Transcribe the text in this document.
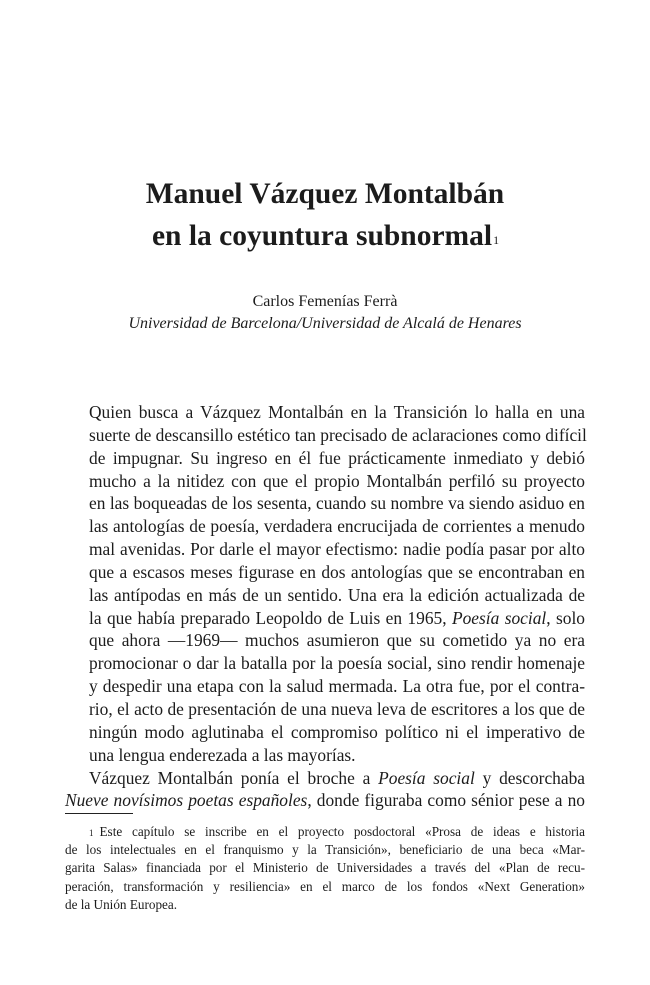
Manuel Vázquez Montalbán
en la coyuntura subnormal$^1$
Carlos Femenías Ferrà
Universidad de Barcelona/Universidad de Alcalá de Henares

Quien busca a Vázquez Montalbán en la Transición lo halla en una
suerte de descansillo estético tan precisado de aclaraciones como difícil
de impugnar. Su ingreso en él fue prácticamente inmediato y debió
mucho a la nitidez con que el propio Montalbán perfiló su proyecto
en las boqueadas de los sesenta, cuando su nombre va siendo asiduo en
las antologías de poesía, verdadera encrucijada de corrientes a menudo
mal avenidas. Por darle el mayor efectismo: nadie podía pasar por alto
que a escasos meses figurase en dos antologías que se encontraban en
las antípodas en más de un sentido. Una era la edición actualizada de
la que había preparado Leopoldo de Luis en 1965, Poesía social, solo
que ahora —1969— muchos asumieron que su cometido ya no era
promocionar o dar la batalla por la poesía social, sino rendir homenaje
y despedir una etapa con la salud mermada. La otra fue, por el contra-
rio, el acto de presentación de una nueva leva de escritores a los que de
ningún modo aglutinaba el compromiso político ni el imperativo de
una lengua enderezada a las mayorías.

Vázquez Montalbán ponía el broche a Poesía social y descorchaba

Nueve novísimos poetas españoles, donde figuraba como sénior pese a no
$^1$ Este capítulo se inscribe en el proyecto posdoctoral «Prosa de ideas e historia
de los intelectuales en el franquismo y la Transición», beneficiario de una beca «Mar-
garita Salas» financiada por el Ministerio de Universidades a través del «Plan de recu-
peración, transformación y resiliencia» en el marco de los fondos «Next Generation»
de la Unión Europea.
